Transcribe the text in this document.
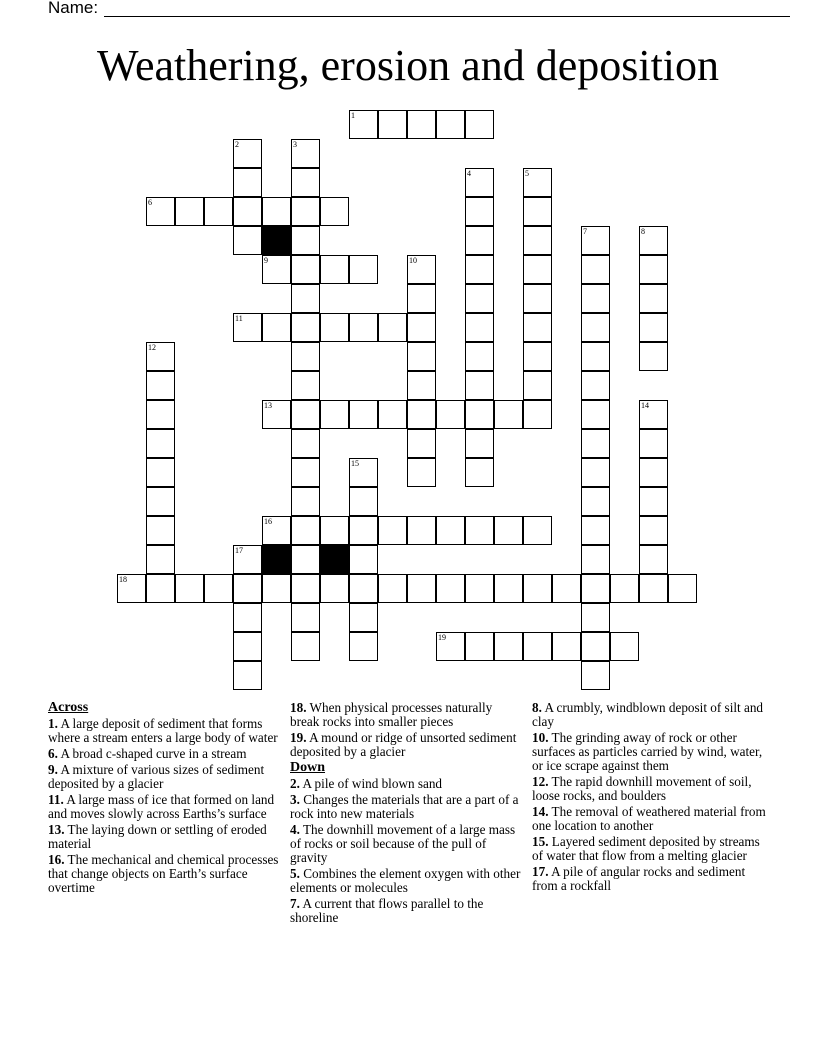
Name:
Weathering, erosion and deposition
1
2	3
4	5
6
7	8
9	10
11
12
13	14
15
16
17
18
19
Across
1. A large deposit of sediment that forms where a stream enters a large body of water
6. A broad c-shaped curve in a stream
9. A mixture of various sizes of sediment deposited by a glacier
11. A large mass of ice that formed on land and moves slowly across Earths’s surface
13. The laying down or settling of eroded material
16. The mechanical and chemical processes that change objects on Earth’s surface overtime
18. When physical processes naturally break rocks into smaller pieces
19. A mound or ridge of unsorted sediment deposited by a glacier
Down
2. A pile of wind blown sand
3. Changes the materials that are a part of a rock into new materials
4. The downhill movement of a large mass of rocks or soil because of the pull of gravity
5. Combines the element oxygen with other elements or molecules
7. A current that flows parallel to the shoreline
8. A crumbly, windblown deposit of silt and clay
10. The grinding away of rock or other surfaces as particles carried by wind, water, or ice scrape against them
12. The rapid downhill movement of soil, loose rocks, and boulders
14. The removal of weathered material from one location to another
15. Layered sediment deposited by streams of water that flow from a melting glacier
17. A pile of angular rocks and sediment from a rockfall
